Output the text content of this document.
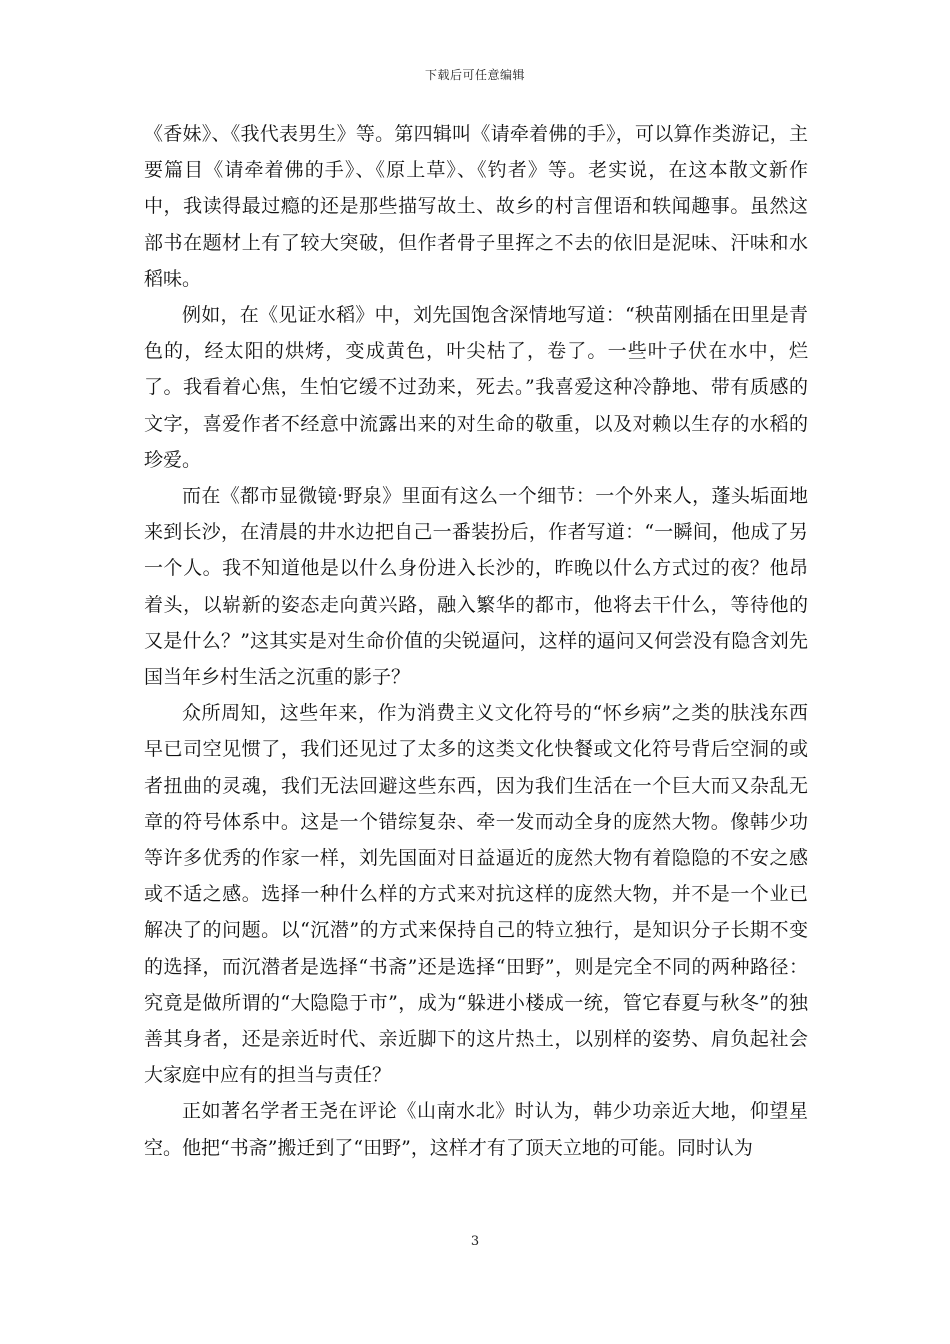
下载后可任意编辑

《香妹》、《我代表男生》等。第四辑叫《请牵着佛的手》，可以算作类游记，主要篇目《请牵着佛的手》、《原上草》、《钓者》等。老实说，在这本散文新作中，我读得最过瘾的还是那些描写故土、故乡的村言俚语和轶闻趣事。虽然这部书在题材上有了较大突破，但作者骨子里挥之不去的依旧是泥味、汗味和水稻味。

例如，在《见证水稻》中，刘先国饱含深情地写道：“秧苗刚插在田里是青色的，经太阳的烘烤，变成黄色，叶尖枯了，卷了。一些叶子伏在水中，烂了。我看着心焦，生怕它缓不过劲来，死去。”我喜爱这种冷静地、带有质感的文字，喜爱作者不经意中流露出来的对生命的敬重，以及对赖以生存的水稻的珍爱。

而在《都市显微镜·野泉》里面有这么一个细节：一个外来人，蓬头垢面地来到长沙，在清晨的井水边把自己一番装扮后，作者写道：“一瞬间，他成了另一个人。我不知道他是以什么身份进入长沙的，昨晚以什么方式过的夜？他昂着头，以崭新的姿态走向黄兴路，融入繁华的都市，他将去干什么，等待他的又是什么？”这其实是对生命价值的尖锐逼问，这样的逼问又何尝没有隐含刘先国当年乡村生活之沉重的影子？

众所周知，这些年来，作为消费主义文化符号的“怀乡病”之类的肤浅东西早已司空见惯了，我们还见过了太多的这类文化快餐或文化符号背后空洞的或者扭曲的灵魂，我们无法回避这些东西，因为我们生活在一个巨大而又杂乱无章的符号体系中。这是一个错综复杂、牵一发而动全身的庞然大物。像韩少功等许多优秀的作家一样，刘先国面对日益逼近的庞然大物有着隐隐的不安之感或不适之感。选择一种什么样的方式来对抗这样的庞然大物，并不是一个业已解决了的问题。以“沉潜”的方式来保持自己的特立独行，是知识分子长期不变的选择，而沉潜者是选择“书斋”还是选择“田野”，则是完全不同的两种路径：究竟是做所谓的“大隐隐于市”，成为“躲进小楼成一统，管它春夏与秋冬”的独善其身者，还是亲近时代、亲近脚下的这片热土，以别样的姿势、肩负起社会大家庭中应有的担当与责任？

正如著名学者王尧在评论《山南水北》时认为，韩少功亲近大地，仰望星空。他把“书斋”搬迁到了“田野”，这样才有了顶天立地的可能。同时认为

3
